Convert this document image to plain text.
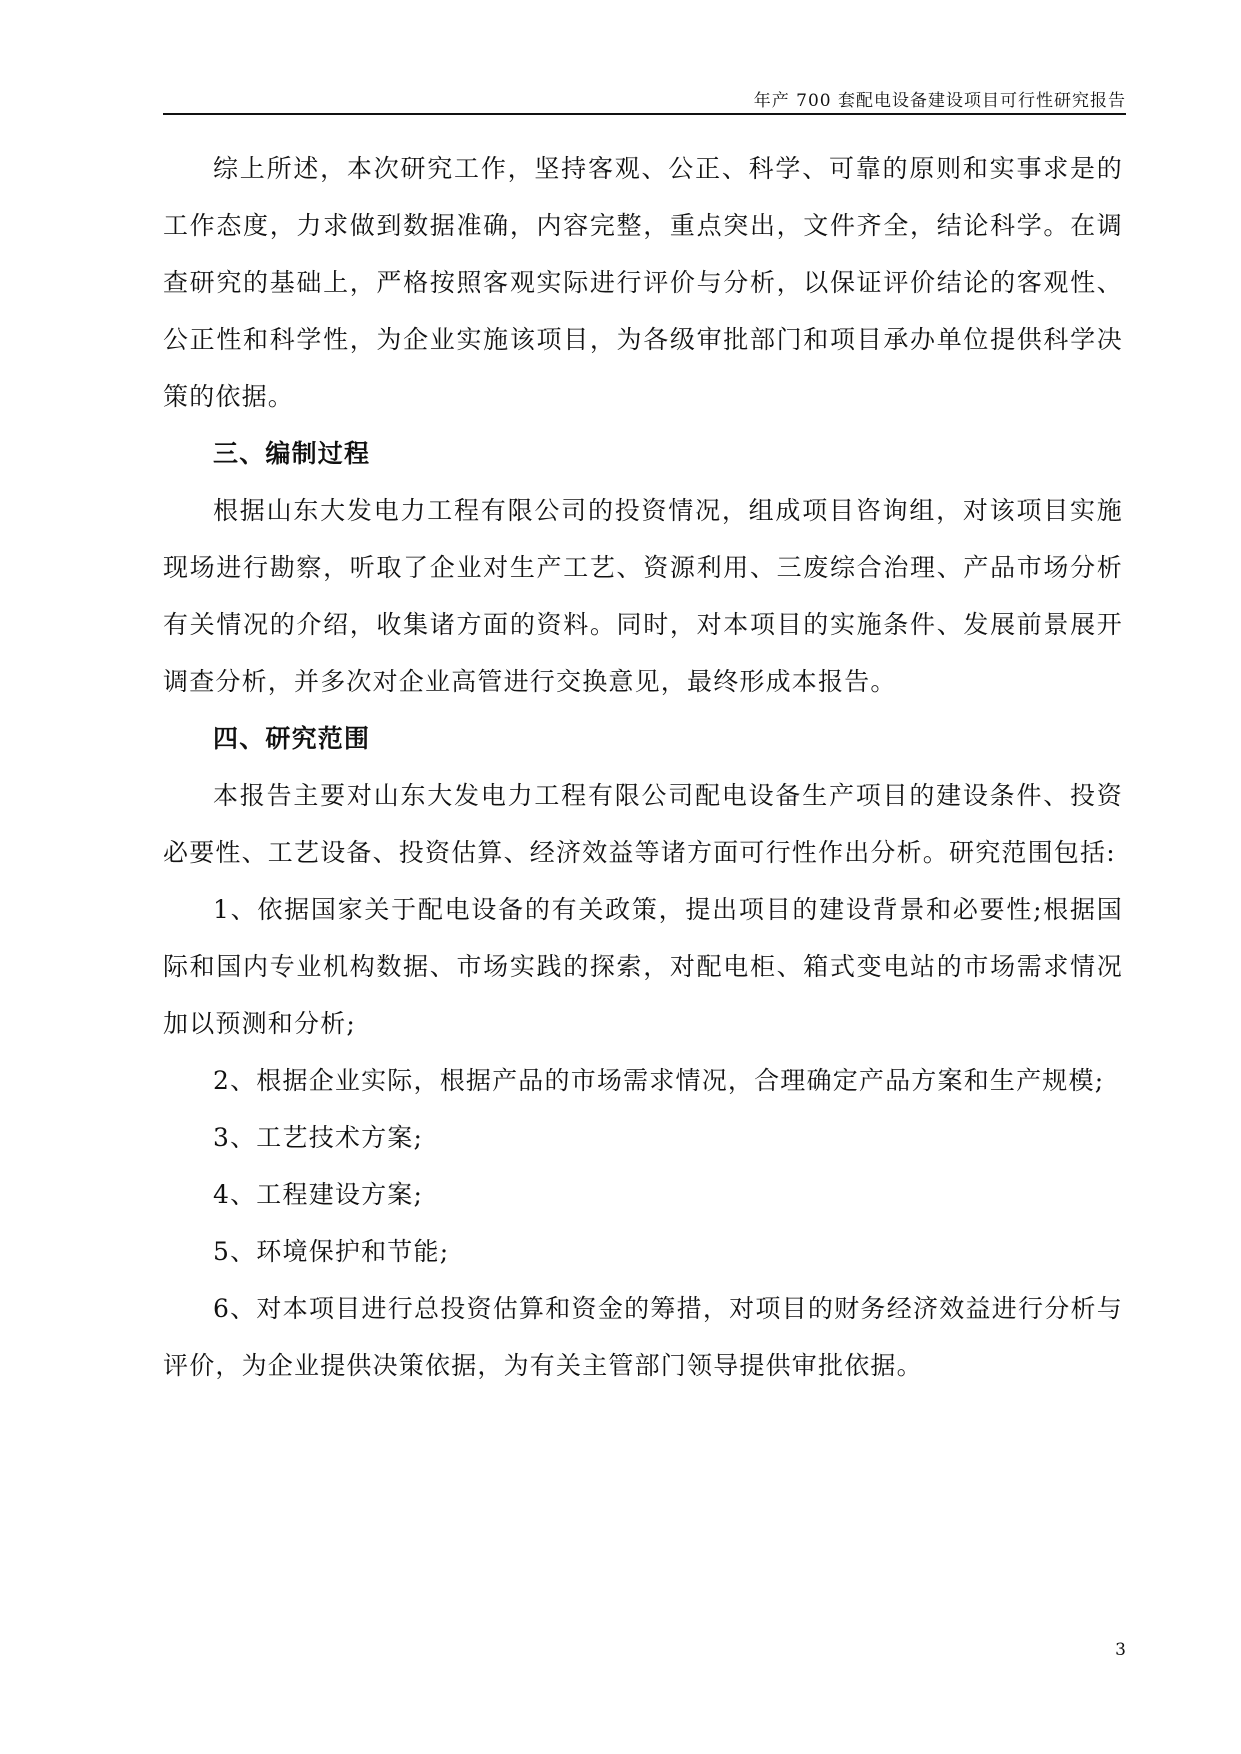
年产 700 套配电设备建设项目可行性研究报告

综上所述，本次研究工作，坚持客观、公正、科学、可靠的原则和实事求是的工作态度，力求做到数据准确，内容完整，重点突出，文件齐全，结论科学。在调查研究的基础上，严格按照客观实际进行评价与分析，以保证评价结论的客观性、公正性和科学性，为企业实施该项目，为各级审批部门和项目承办单位提供科学决策的依据。

三、编制过程

根据山东大发电力工程有限公司的投资情况，组成项目咨询组，对该项目实施现场进行勘察，听取了企业对生产工艺、资源利用、三废综合治理、产品市场分析有关情况的介绍，收集诸方面的资料。同时，对本项目的实施条件、发展前景展开调查分析，并多次对企业高管进行交换意见，最终形成本报告。

四、研究范围

本报告主要对山东大发电力工程有限公司配电设备生产项目的建设条件、投资必要性、工艺设备、投资估算、经济效益等诸方面可行性作出分析。研究范围包括:

1、依据国家关于配电设备的有关政策，提出项目的建设背景和必要性;根据国际和国内专业机构数据、市场实践的探索，对配电柜、箱式变电站的市场需求情况加以预测和分析;

2、根据企业实际，根据产品的市场需求情况，合理确定产品方案和生产规模;

3、工艺技术方案;

4、工程建设方案;

5、环境保护和节能;

6、对本项目进行总投资估算和资金的筹措，对项目的财务经济效益进行分析与评价，为企业提供决策依据，为有关主管部门领导提供审批依据。

3
